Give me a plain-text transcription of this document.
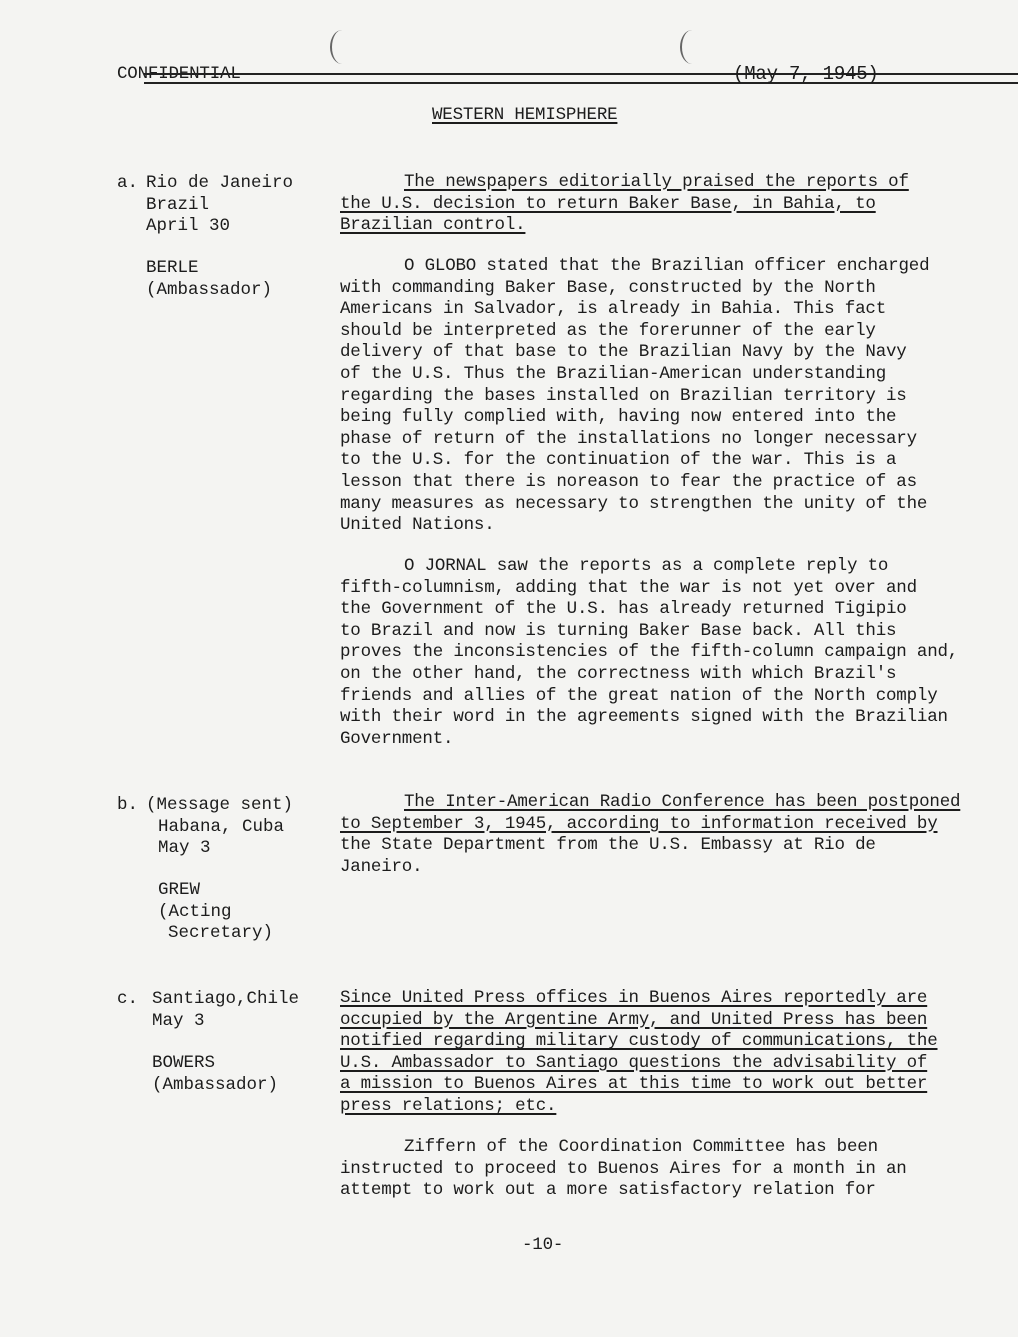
CONFIDENTIAL	(May 7, 1945)
WESTERN HEMISPHERE
a. Rio de Janeiro
Brazil
April 30
BERLE
(Ambassador)
The newspapers editorially praised the reports of
the U.S. decision to return Baker Base, in Bahia, to
Brazilian control.
O GLOBO stated that the Brazilian officer encharged
with commanding Baker Base, constructed by the North
Americans in Salvador, is already in Bahia. This fact
should be interpreted as the forerunner of the early
delivery of that base to the Brazilian Navy by the Navy
of the U.S. Thus the Brazilian-American understanding
regarding the bases installed on Brazilian territory is
being fully complied with, having now entered into the
phase of return of the installations no longer necessary
to the U.S. for the continuation of the war. This is a
lesson that there is noreason to fear the practice of as
many measures as necessary to strengthen the unity of the
United Nations.
O JORNAL saw the reports as a complete reply to
fifth-columnism, adding that the war is not yet over and
the Government of the U.S. has already returned Tigipio
to Brazil and now is turning Baker Base back. All this
proves the inconsistencies of the fifth-column campaign and,
on the other hand, the correctness with which Brazil's
friends and allies of the great nation of the North comply
with their word in the agreements signed with the Brazilian
Government.
b. (Message sent)
Habana, Cuba
May 3
GREW
(Acting
Secretary)
The Inter-American Radio Conference has been postponed
to September 3, 1945, according to information received by
the State Department from the U.S. Embassy at Rio de
Janeiro.
c. Santiago,Chile
May 3
BOWERS
(Ambassador)
Since United Press offices in Buenos Aires reportedly are
occupied by the Argentine Army, and United Press has been
notified regarding military custody of communications, the
U.S. Ambassador to Santiago questions the advisability of
a mission to Buenos Aires at this time to work out better
press relations; etc.
Ziffern of the Coordination Committee has been
instructed to proceed to Buenos Aires for a month in an
attempt to work out a more satisfactory relation for
-10-
